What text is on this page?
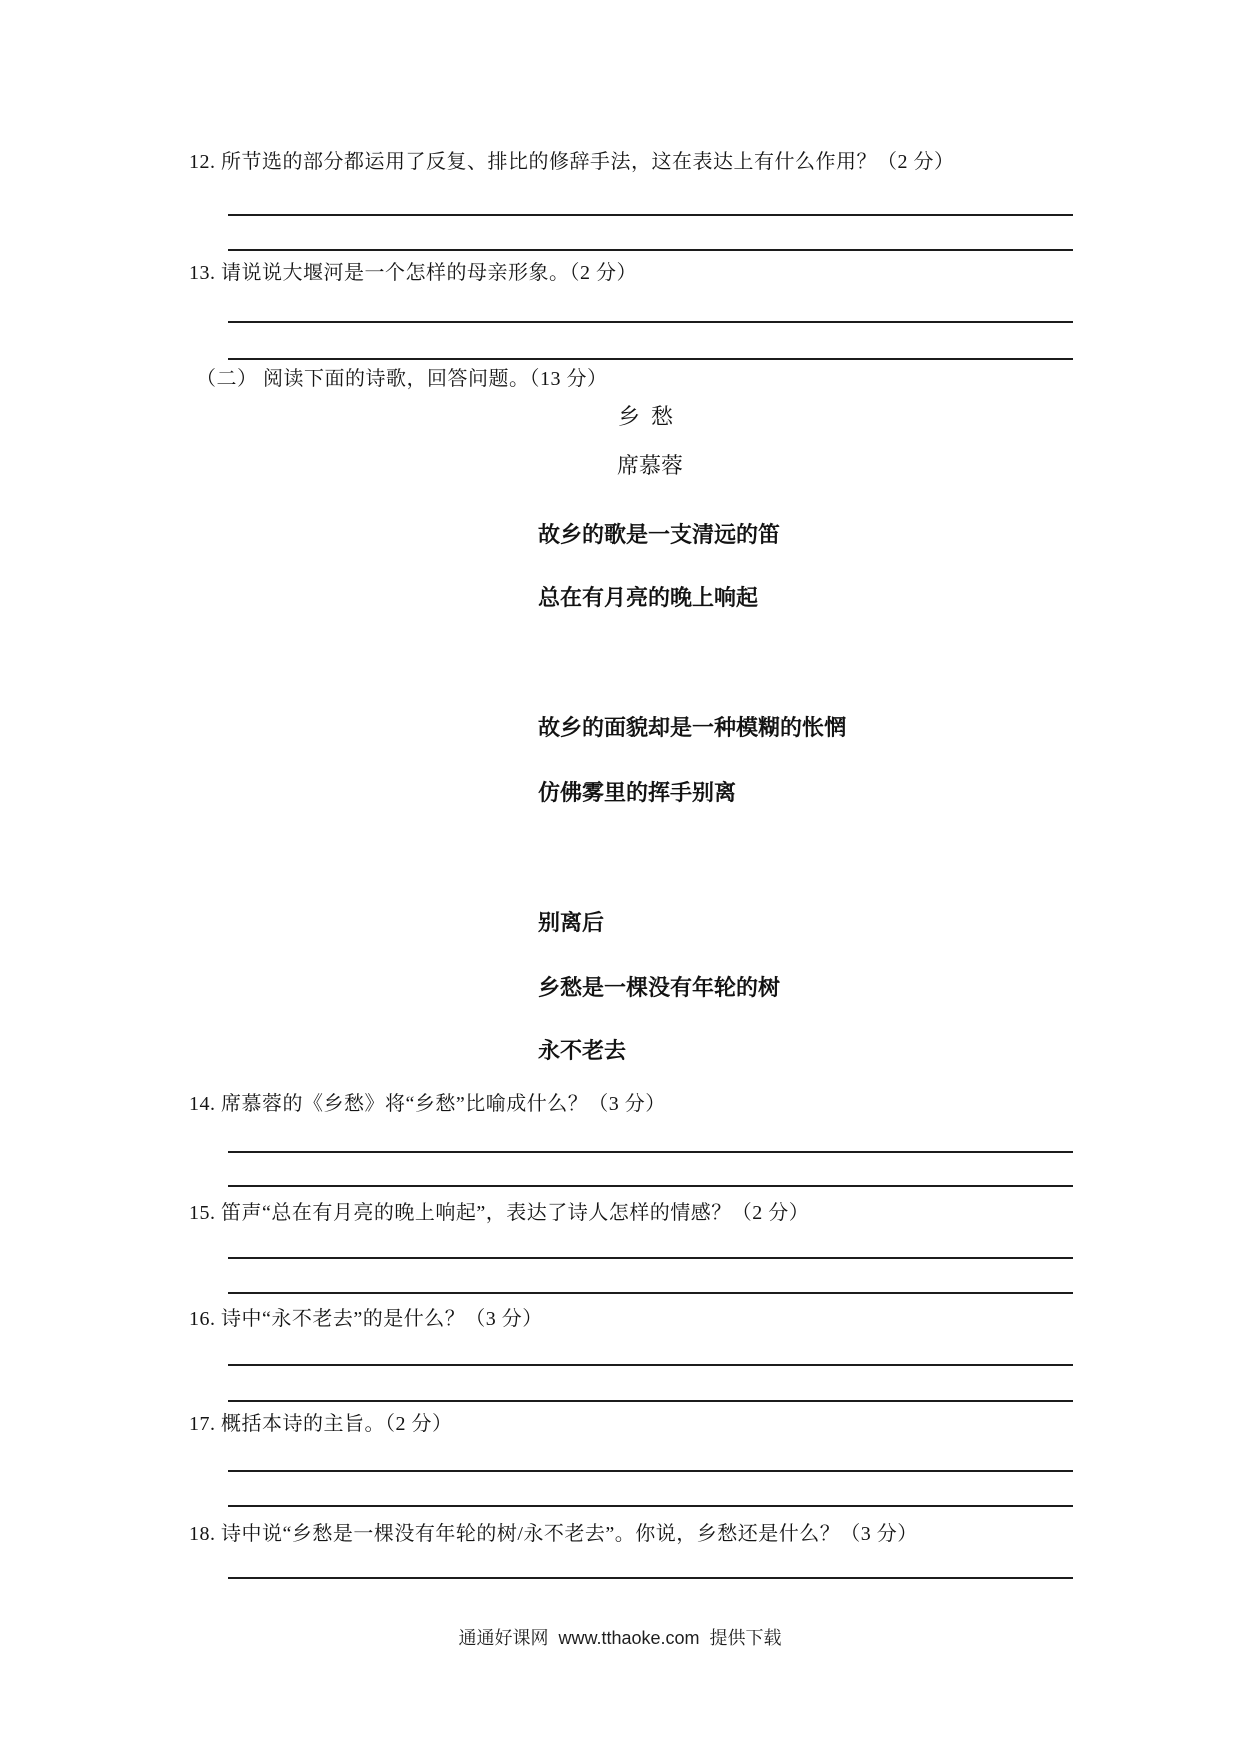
12. 所节选的部分都运用了反复、排比的修辞手法，这在表达上有什么作用？（2 分）
13. 请说说大堰河是一个怎样的母亲形象。（2 分）
（二） 阅读下面的诗歌，回答问题。（13 分）
乡  愁
席慕蓉
故乡的歌是一支清远的笛
总在有月亮的晚上响起
故乡的面貌却是一种模糊的怅惘
仿佛雾里的挥手别离
别离后
乡愁是一棵没有年轮的树
永不老去
14. 席慕蓉的《乡愁》将“乡愁”比喻成什么？（3 分）
15. 笛声“总在有月亮的晚上响起”，表达了诗人怎样的情感？（2 分）
16. 诗中“永不老去”的是什么？（3 分）
17. 概括本诗的主旨。（2 分）
18. 诗中说“乡愁是一棵没有年轮的树/永不老去”。你说，乡愁还是什么？（3 分）
通通好课网  www.tthaoke.com  提供下载
